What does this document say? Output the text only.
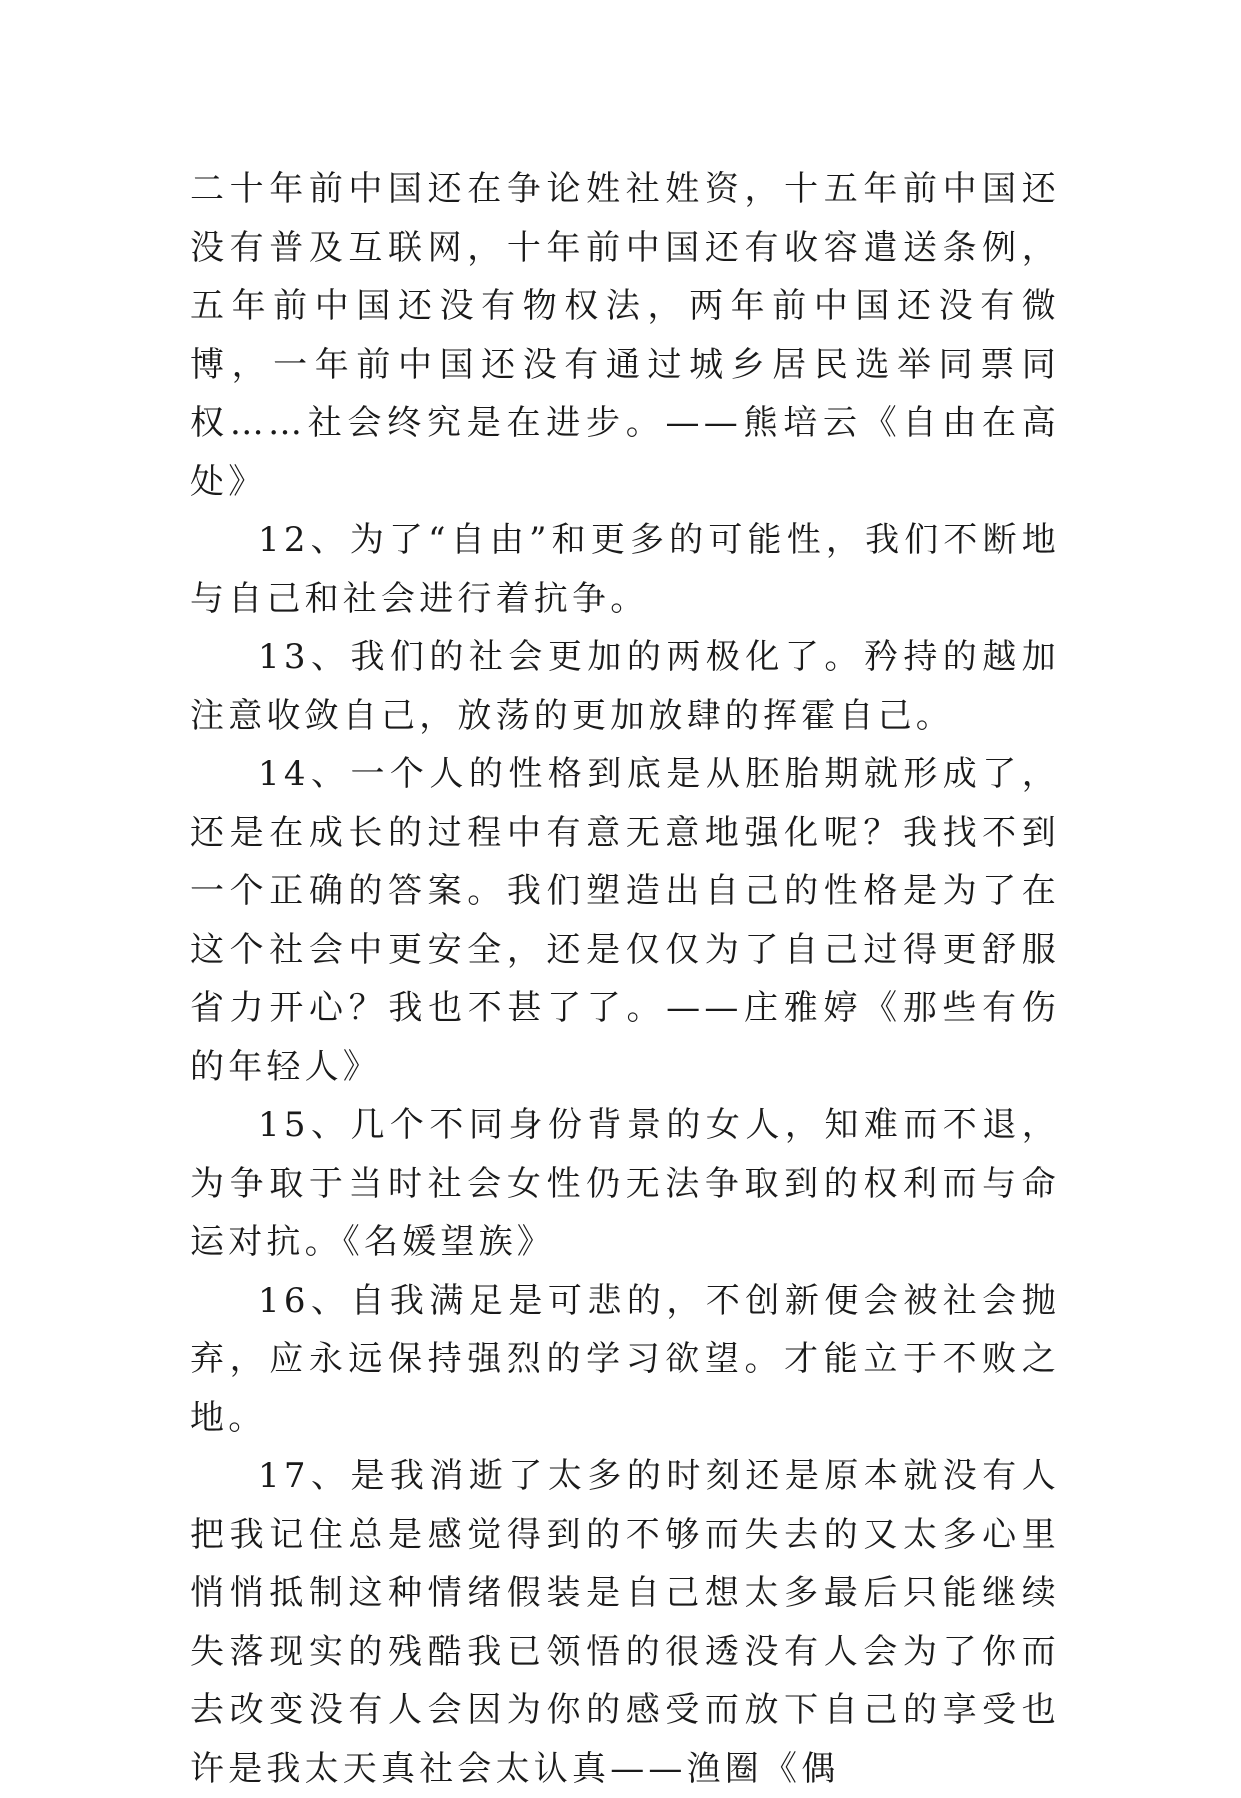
二十年前中国还在争论姓社姓资，十五年前中国还没有普及互联网，十年前中国还有收容遣送条例，五年前中国还没有物权法，两年前中国还没有微博，一年前中国还没有通过城乡居民选举同票同权……社会终究是在进步。——熊培云《自由在高处》

12、为了“自由”和更多的可能性，我们不断地与自己和社会进行着抗争。

13、我们的社会更加的两极化了。矜持的越加注意收敛自己，放荡的更加放肆的挥霍自己。

14、一个人的性格到底是从胚胎期就形成了，还是在成长的过程中有意无意地强化呢？我找不到一个正确的答案。我们塑造出自己的性格是为了在这个社会中更安全，还是仅仅为了自己过得更舒服省力开心？我也不甚了了。——庄雅婷《那些有伤的年轻人》

15、几个不同身份背景的女人，知难而不退，为争取于当时社会女性仍无法争取到的权利而与命运对抗。《名媛望族》

16、自我满足是可悲的，不创新便会被社会抛弃，应永远保持强烈的学习欲望。才能立于不败之地。

17、是我消逝了太多的时刻还是原本就没有人把我记住总是感觉得到的不够而失去的又太多心里悄悄抵制这种情绪假装是自己想太多最后只能继续失落现实的残酷我已领悟的很透没有人会为了你而去改变没有人会因为你的感受而放下自己的享受也许是我太天真社会太认真——渔圈《偶
